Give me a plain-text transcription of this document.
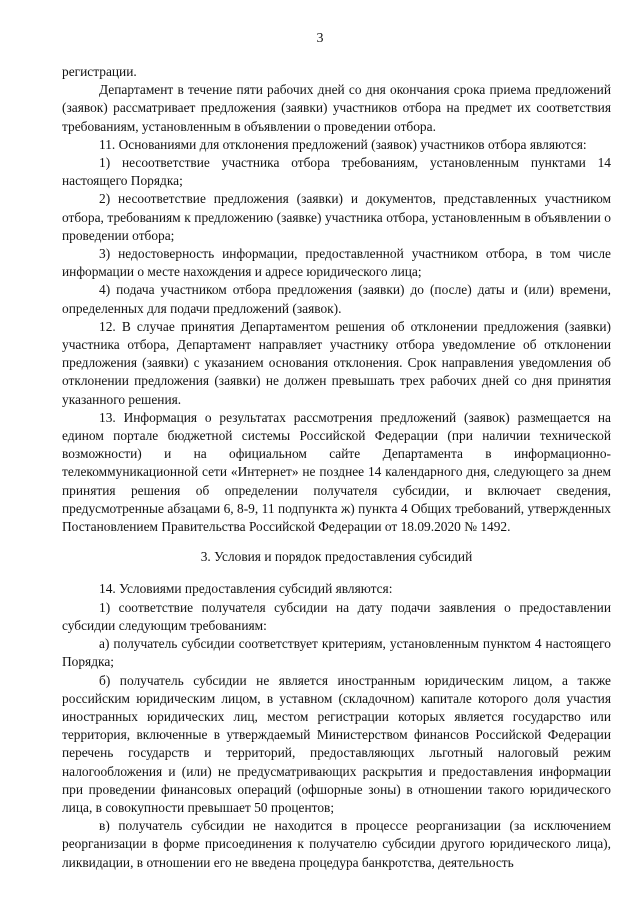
3

регистрации.

Департамент в течение пяти рабочих дней со дня окончания срока приема предложений (заявок) рассматривает предложения (заявки) участников отбора на предмет их соответствия требованиям, установленным в объявлении о проведении отбора.

11. Основаниями для отклонения предложений (заявок) участников отбора являются:

1) несоответствие участника отбора требованиям, установленным пунктами 14 настоящего Порядка;

2) несоответствие предложения (заявки) и документов, представленных участником отбора, требованиям к предложению (заявке) участника отбора, установленным в объявлении о проведении отбора;

3) недостоверность информации, предоставленной участником отбора, в том числе информации о месте нахождения и адресе юридического лица;

4) подача участником отбора предложения (заявки) до (после) даты и (или) времени, определенных для подачи предложений (заявок).

12. В случае принятия Департаментом решения об отклонении предложения (заявки) участника отбора, Департамент направляет участнику отбора уведомление об отклонении предложения (заявки) с указанием основания отклонения. Срок направления уведомления об отклонении предложения (заявки) не должен превышать трех рабочих дней со дня принятия указанного решения.

13. Информация о результатах рассмотрения предложений (заявок) размещается на едином портале бюджетной системы Российской Федерации (при наличии технической возможности) и на официальном сайте Департамента в информационно-телекоммуникационной сети «Интернет» не позднее 14 календарного дня, следующего за днем принятия решения об определении получателя субсидии, и включает сведения, предусмотренные абзацами 6, 8-9, 11 подпункта ж) пункта 4 Общих требований, утвержденных Постановлением Правительства Российской Федерации от 18.09.2020 № 1492.

3. Условия и порядок предоставления субсидий

14. Условиями предоставления субсидий являются:

1) соответствие получателя субсидии на дату подачи заявления о предоставлении субсидии следующим требованиям:

а) получатель субсидии соответствует критериям, установленным пунктом 4 настоящего Порядка;

б) получатель субсидии не является иностранным юридическим лицом, а также российским юридическим лицом, в уставном (складочном) капитале которого доля участия иностранных юридических лиц, местом регистрации которых является государство или территория, включенные в утверждаемый Министерством финансов Российской Федерации перечень государств и территорий, предоставляющих льготный налоговый режим налогообложения и (или) не предусматривающих раскрытия и предоставления информации при проведении финансовых операций (офшорные зоны) в отношении такого юридического лица, в совокупности превышает 50 процентов;

в) получатель субсидии не находится в процессе реорганизации (за исключением реорганизации в форме присоединения к получателю субсидии другого юридического лица), ликвидации, в отношении его не введена процедура банкротства, деятельность
